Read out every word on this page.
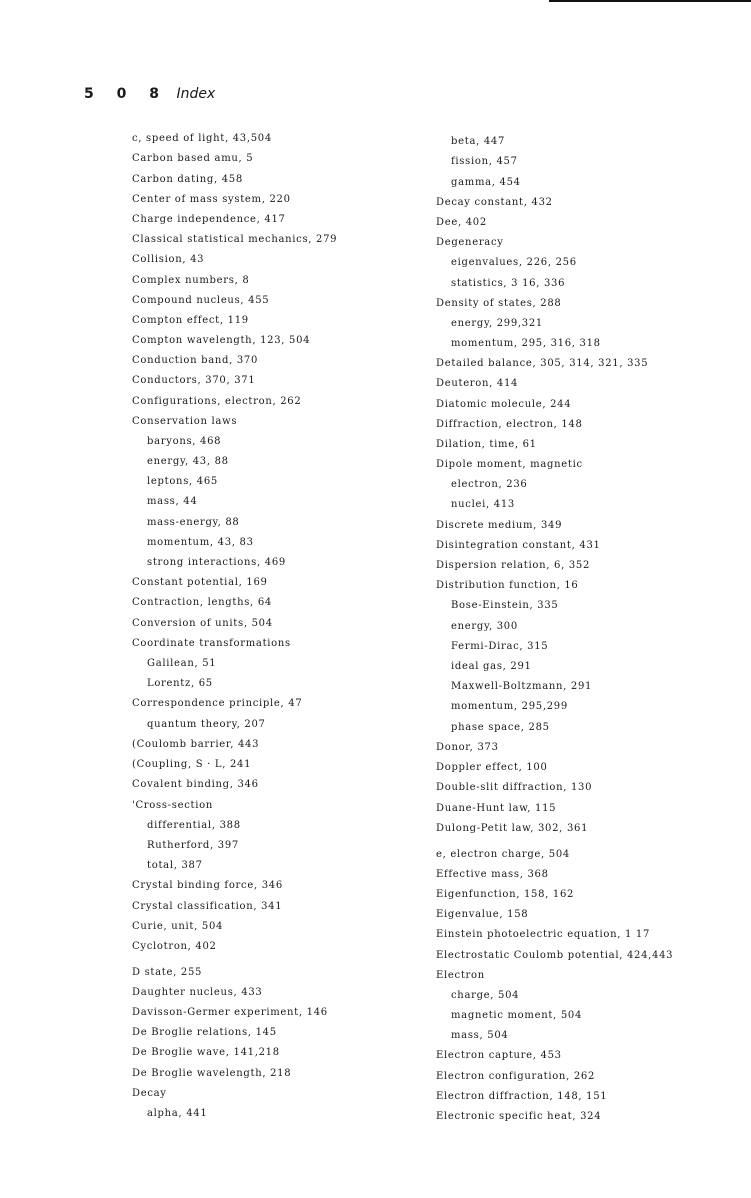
5 0 8 Index
c, speed of light, 43,504
Carbon based amu, 5
Carbon dating, 458
Center of mass system, 220
Charge independence, 417
Classical statistical mechanics, 279
Collision, 43
Complex numbers, 8
Compound nucleus, 455
Compton effect, 119
Compton wavelength, 123, 504
Conduction band, 370
Conductors, 370, 371
Configurations, electron, 262
Conservation laws
baryons, 468
energy, 43, 88
leptons, 465
mass, 44
mass-energy, 88
momentum, 43, 83
strong interactions, 469
Constant potential, 169
Contraction, lengths, 64
Conversion of units, 504
Coordinate transformations
Galilean, 51
Lorentz, 65
Correspondence principle, 47
quantum theory, 207
(Coulomb barrier, 443
(Coupling, S · L, 241
Covalent binding, 346
'Cross-section
differential, 388
Rutherford, 397
total, 387
Crystal binding force, 346
Crystal classification, 341
Curie, unit, 504
Cyclotron, 402
D state, 255
Daughter nucleus, 433
Davisson-Germer experiment, 146
De Broglie relations, 145
De Broglie wave, 141,218
De Broglie wavelength, 218
Decay
alpha, 441
beta, 447
fission, 457
gamma, 454
Decay constant, 432
Dee, 402
Degeneracy
eigenvalues, 226, 256
statistics, 3 16, 336
Density of states, 288
energy, 299,321
momentum, 295, 316, 318
Detailed balance, 305, 314, 321, 335
Deuteron, 414
Diatomic molecule, 244
Diffraction, electron, 148
Dilation, time, 61
Dipole moment, magnetic
electron, 236
nuclei, 413
Discrete medium, 349
Disintegration constant, 431
Dispersion relation, 6, 352
Distribution function, 16
Bose-Einstein, 335
energy, 300
Fermi-Dirac, 315
ideal gas, 291
Maxwell-Boltzmann, 291
momentum, 295,299
phase space, 285
Donor, 373
Doppler effect, 100
Double-slit diffraction, 130
Duane-Hunt law, 115
Dulong-Petit law, 302, 361
e, electron charge, 504
Effective mass, 368
Eigenfunction, 158, 162
Eigenvalue, 158
Einstein photoelectric equation, 1 17
Electrostatic Coulomb potential, 424,443
Electron
charge, 504
magnetic moment, 504
mass, 504
Electron capture, 453
Electron configuration, 262
Electron diffraction, 148, 151
Electronic specific heat, 324
